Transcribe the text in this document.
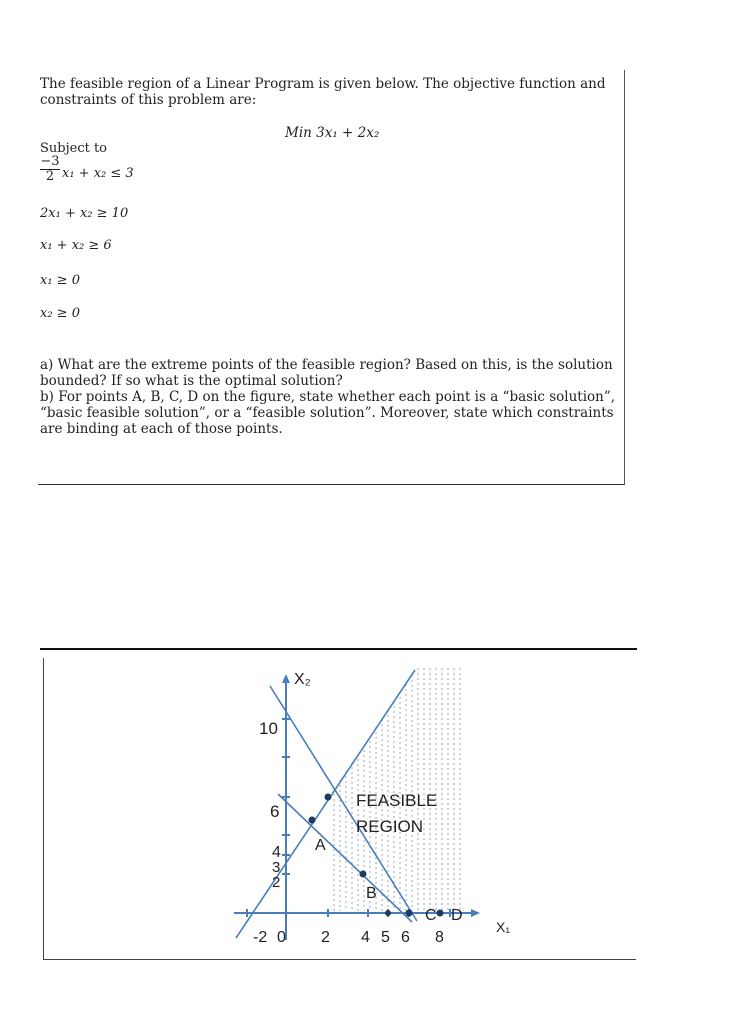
The feasible region of a Linear Program is given below. The objective function and constraints of this problem are:

Min 3x₁ + 2x₂

Subject to

$\frac{-3}{2} x_1 + x_2 \le 3$

2x₁ + x₂ ≥ 10

x₁ + x₂ ≥ 6

x₁ ≥ 0

x₂ ≥ 0

a) What are the extreme points of the feasible region? Based on this, is the solution bounded? If so what is the optimal solution?
b) For points A, B, C, D on the figure, state whether each point is a “basic solution”, “basic feasible solution”, or a “feasible solution”. Moreover, state which constraints are binding at each of those points.

X₂
X₁
10
6
4
3
2
-2 0 2 4 5 6 8
FEASIBLE
REGION
A
B
C D
